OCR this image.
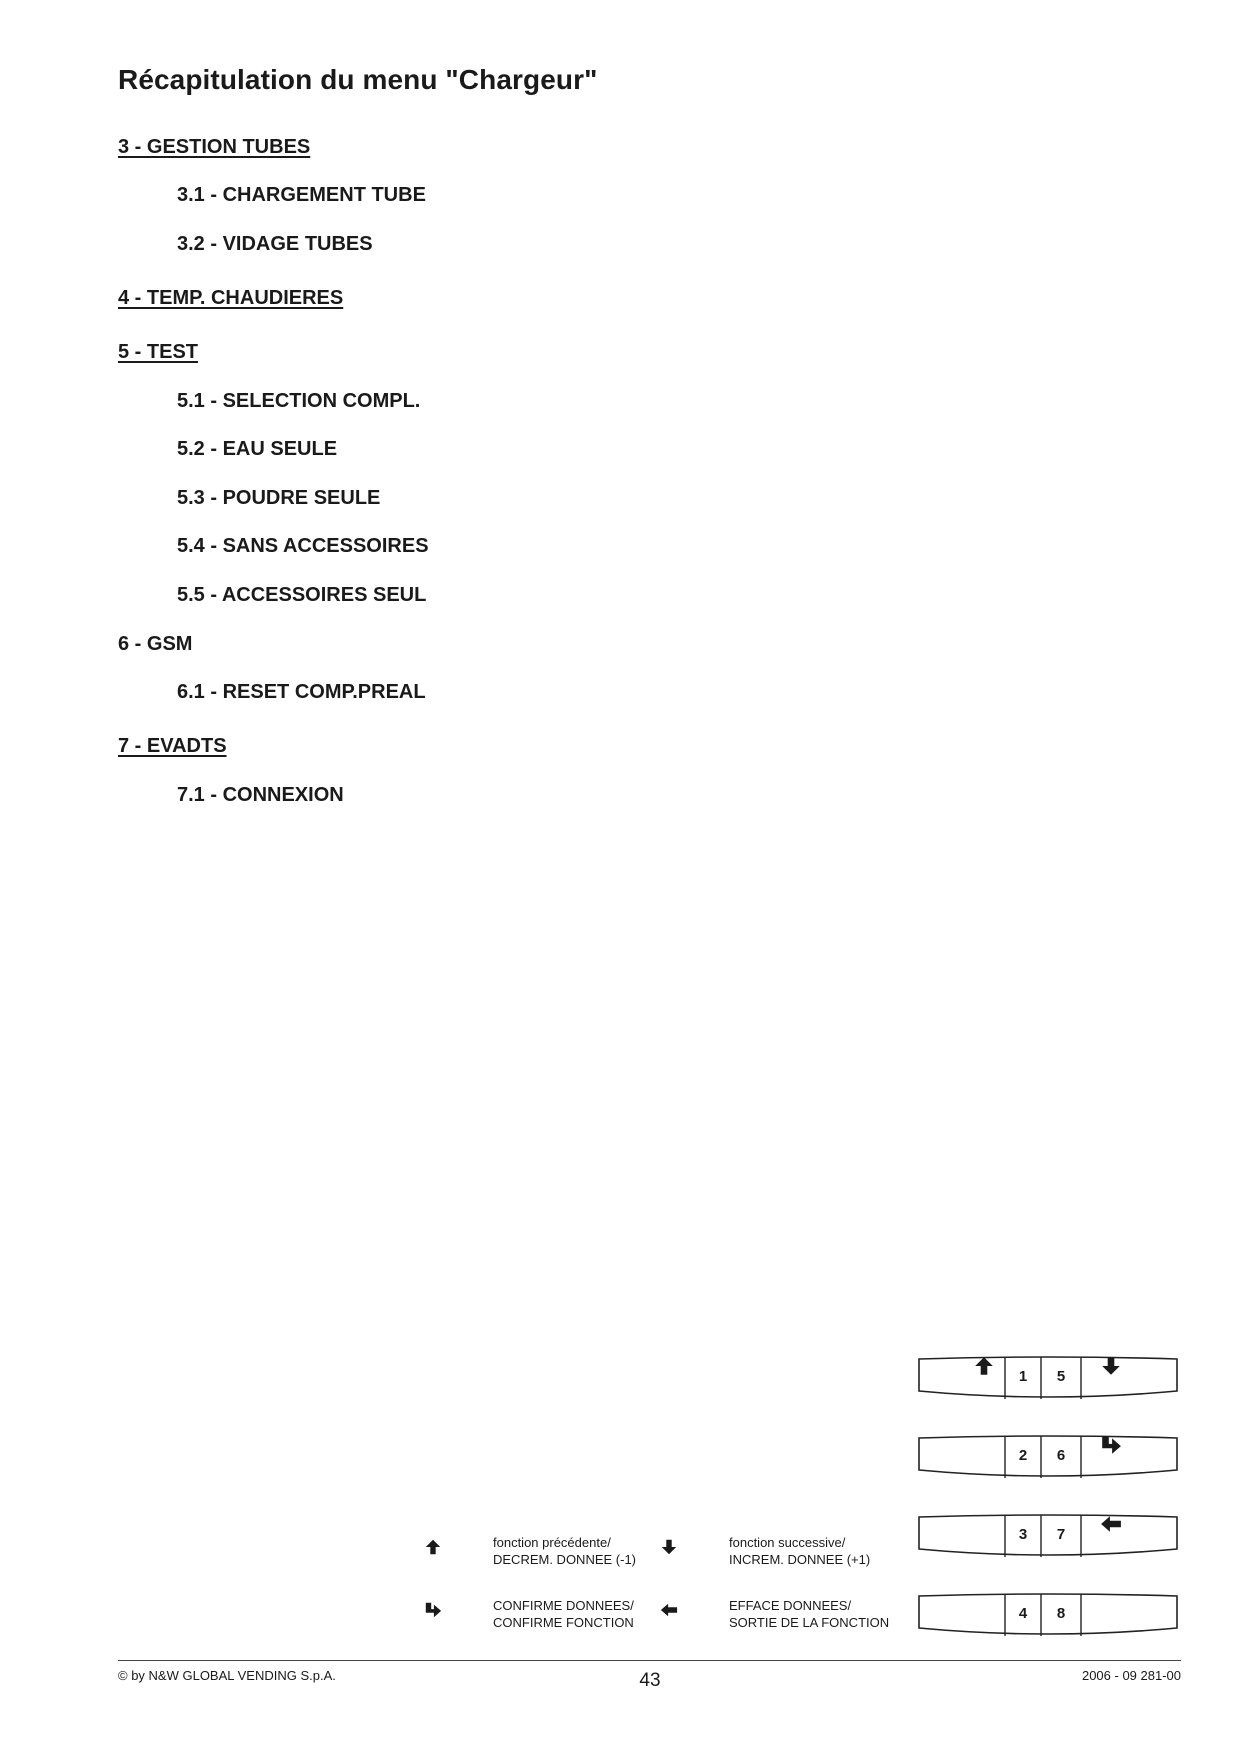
Récapitulation du menu "Chargeur"
3 - GESTION TUBES
3.1 - CHARGEMENT TUBE
3.2 - VIDAGE TUBES
4 - TEMP. CHAUDIERES
5 - TEST
5.1 - SELECTION COMPL.
5.2 - EAU SEULE
5.3 - POUDRE SEULE
5.4 - SANS ACCESSOIRES
5.5 - ACCESSOIRES SEUL
6 - GSM
6.1 - RESET COMP.PREAL
7 - EVADTS
7.1 - CONNEXION
fonction précédente/
DECREM. DONNEE (-1)
fonction successive/
INCREM. DONNEE (+1)
CONFIRME DONNEES/
CONFIRME FONCTION
EFFACE DONNEES/
SORTIE DE LA FONCTION
1	5
2	6
3	7
4	8
© by N&W GLOBAL VENDING S.p.A.	43	2006 - 09 281-00
